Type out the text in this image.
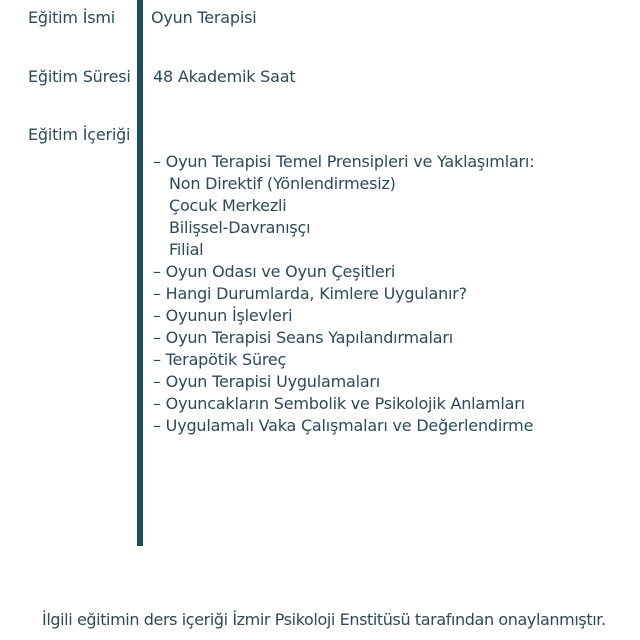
Eğitim İsmi Oyun Terapisi
Eğitim Süresi 48 Akademik Saat
Eğitim İçeriği
– Oyun Terapisi Temel Prensipleri ve Yaklaşımları:
Non Direktif (Yönlendirmesiz)
Çocuk Merkezli
Bilişsel-Davranışçı
Filial
– Oyun Odası ve Oyun Çeşitleri
– Hangi Durumlarda, Kimlere Uygulanır?
– Oyunun İşlevleri
– Oyun Terapisi Seans Yapılandırmaları
– Terapötik Süreç
– Oyun Terapisi Uygulamaları
– Oyuncakların Sembolik ve Psikolojik Anlamları
– Uygulamalı Vaka Çalışmaları ve Değerlendirme
İlgili eğitimin ders içeriği İzmir Psikoloji Enstitüsü tarafından onaylanmıştır.
